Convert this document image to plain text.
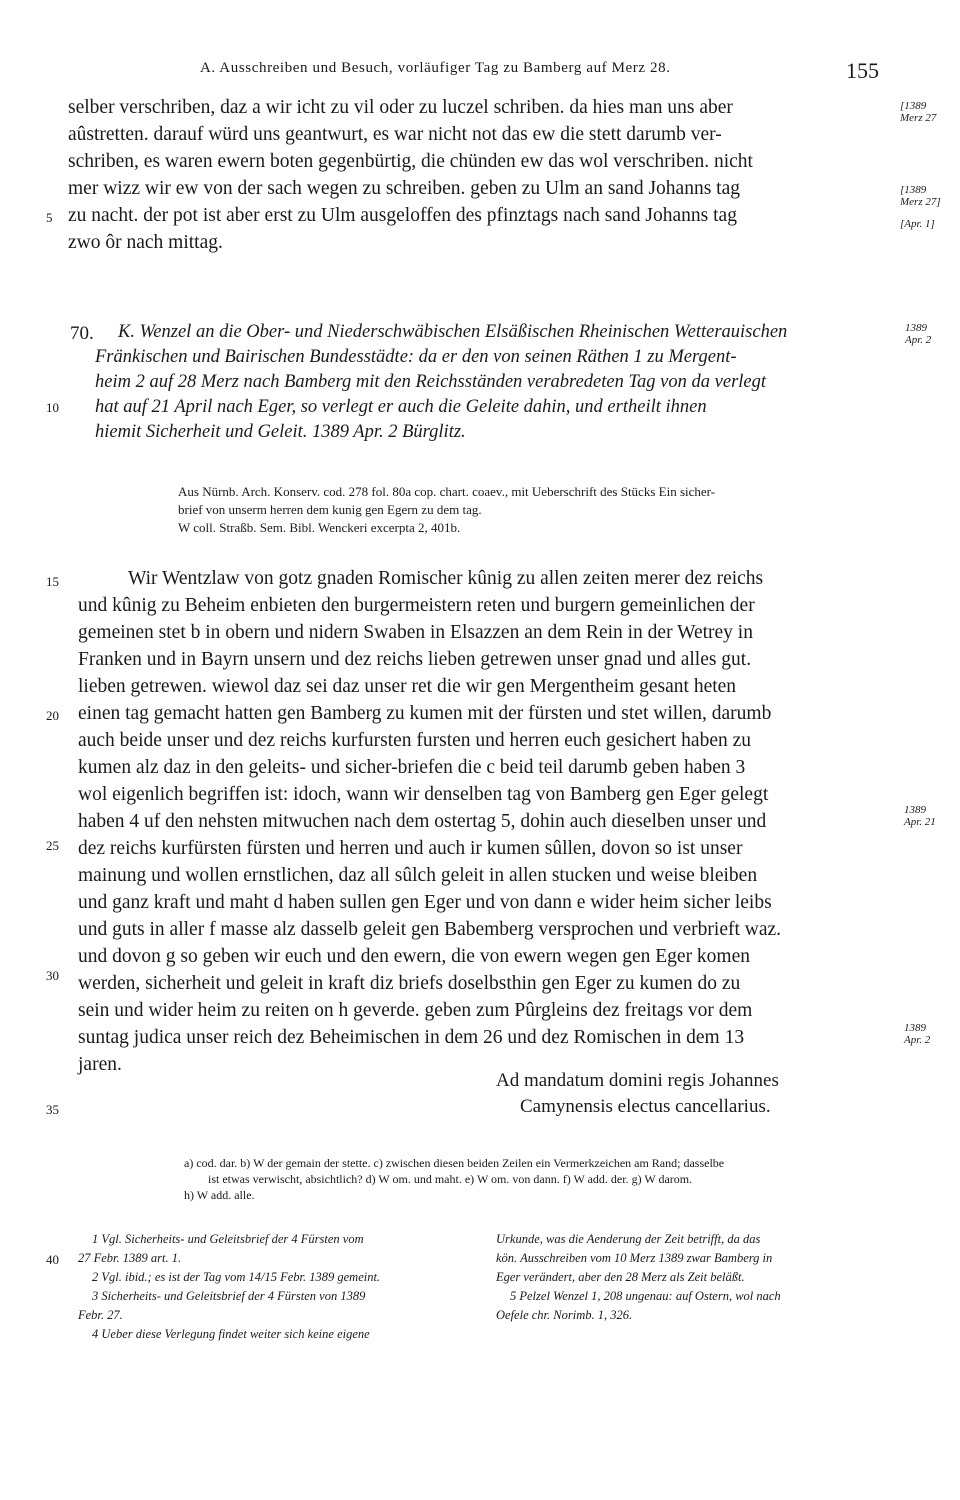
A. Ausschreiben und Besuch, vorläufiger Tag zu Bamberg auf Merz 28.	155
selber verschriben, daz a wir icht zu vil oder zu luczel schriben. da hies man uns aber
aûstretten. darauf würd uns geantwurt, es war nicht not das ew die stett darumb ver-
schriben, es waren ewern boten gegenbürtig, die chünden ew das wol verschriben. nicht
mer wizz wir ew von der sach wegen zu schreiben. geben zu Ulm an sand Johanns tag
zu nacht. der pot ist aber erst zu Ulm ausgeloffen des pfinztags nach sand Johanns tag
zwo ôr nach mittag.
[1389
Merz 27
[1389
Merz 27]
[Apr. 1]
5
10
15
20
25
30
35
40
70. K. Wenzel an die Ober- und Niederschwäbischen Elsäßischen Rheinischen Wetterauischen
Fränkischen und Bairischen Bundesstädte: da er den von seinen Räthen 1 zu Mergent-
heim 2 auf 28 Merz nach Bamberg mit den Reichsständen verabredeten Tag von da verlegt
hat auf 21 April nach Eger, so verlegt er auch die Geleite dahin, und ertheilt ihnen
hiemit Sicherheit und Geleit. 1389 Apr. 2 Bürglitz.
1389
Apr. 2
Aus Nürnb. Arch. Konserv. cod. 278 fol. 80a cop. chart. coaev., mit Ueberschrift des Stücks Ein sicher-
brief von unserm herren dem kunig gen Egern zu dem tag.
W coll. Straßb. Sem. Bibl. Wenckeri excerpta 2, 401b.
Wir Wentzlaw von gotz gnaden Romischer kûnig zu allen zeiten merer dez reichs
und kûnig zu Beheim enbieten den burgermeistern reten und burgern gemeinlichen der
gemeinen stet b in obern und nidern Swaben in Elsazzen an dem Rein in der Wetrey in
Franken und in Bayrn unsern und dez reichs lieben getrewen unser gnad und alles gut.
lieben getrewen. wiewol daz sei daz unser ret die wir gen Mergentheim gesant heten
einen tag gemacht hatten gen Bamberg zu kumen mit der fürsten und stet willen, darumb
auch beide unser und dez reichs kurfursten fursten und herren euch gesichert haben zu
kumen alz daz in den geleits- und sicher-briefen die c beid teil darumb geben haben 3
wol eigenlich begriffen ist: idoch, wann wir denselben tag von Bamberg gen Eger gelegt
haben 4 uf den nehsten mitwuchen nach dem ostertag 5, dohin auch dieselben unser und
dez reichs kurfürsten fürsten und herren und auch ir kumen sûllen, dovon so ist unser
mainung und wollen ernstlichen, daz all sûlch geleit in allen stucken und weise bleiben
und ganz kraft und maht d haben sullen gen Eger und von dann e wider heim sicher leibs
und guts in aller f masse alz dasselb geleit gen Babemberg versprochen und verbrieft waz.
und dovon g so geben wir euch und den ewern, die von ewern wegen gen Eger komen
werden, sicherheit und geleit in kraft diz briefs doselbsthin gen Eger zu kumen do zu
sein und wider heim zu reiten on h geverde. geben zum Pûrgleins dez freitags vor dem
suntag judica unser reich dez Beheimischen in dem 26 und dez Romischen in dem 13
jaren.
1389
Apr. 21
1389
Apr. 2
Ad mandatum domini regis Johannes
Camynensis electus cancellarius.
a) cod. dar. b) W der gemain der stette. c) zwischen diesen beiden Zeilen ein Vermerkzeichen am Rand; dasselbe
ist etwas verwischt, absichtlich? d) W om. und maht. e) W om. von dann. f) W add. der. g) W darom.
h) W add. alle.
1 Vgl. Sicherheits- und Geleitsbrief der 4 Fürsten vom
27 Febr. 1389 art. 1.
2 Vgl. ibid.; es ist der Tag vom 14/15 Febr. 1389 gemeint.
3 Sicherheits- und Geleitsbrief der 4 Fürsten von 1389
Febr. 27.
4 Ueber diese Verlegung findet weiter sich keine eigene
Urkunde, was die Aenderung der Zeit betrifft, da das
kön. Ausschreiben vom 10 Merz 1389 zwar Bamberg in
Eger verändert, aber den 28 Merz als Zeit beläßt.
5 Pelzel Wenzel 1, 208 ungenau: auf Ostern, wol nach
Oefele chr. Norimb. 1, 326.
